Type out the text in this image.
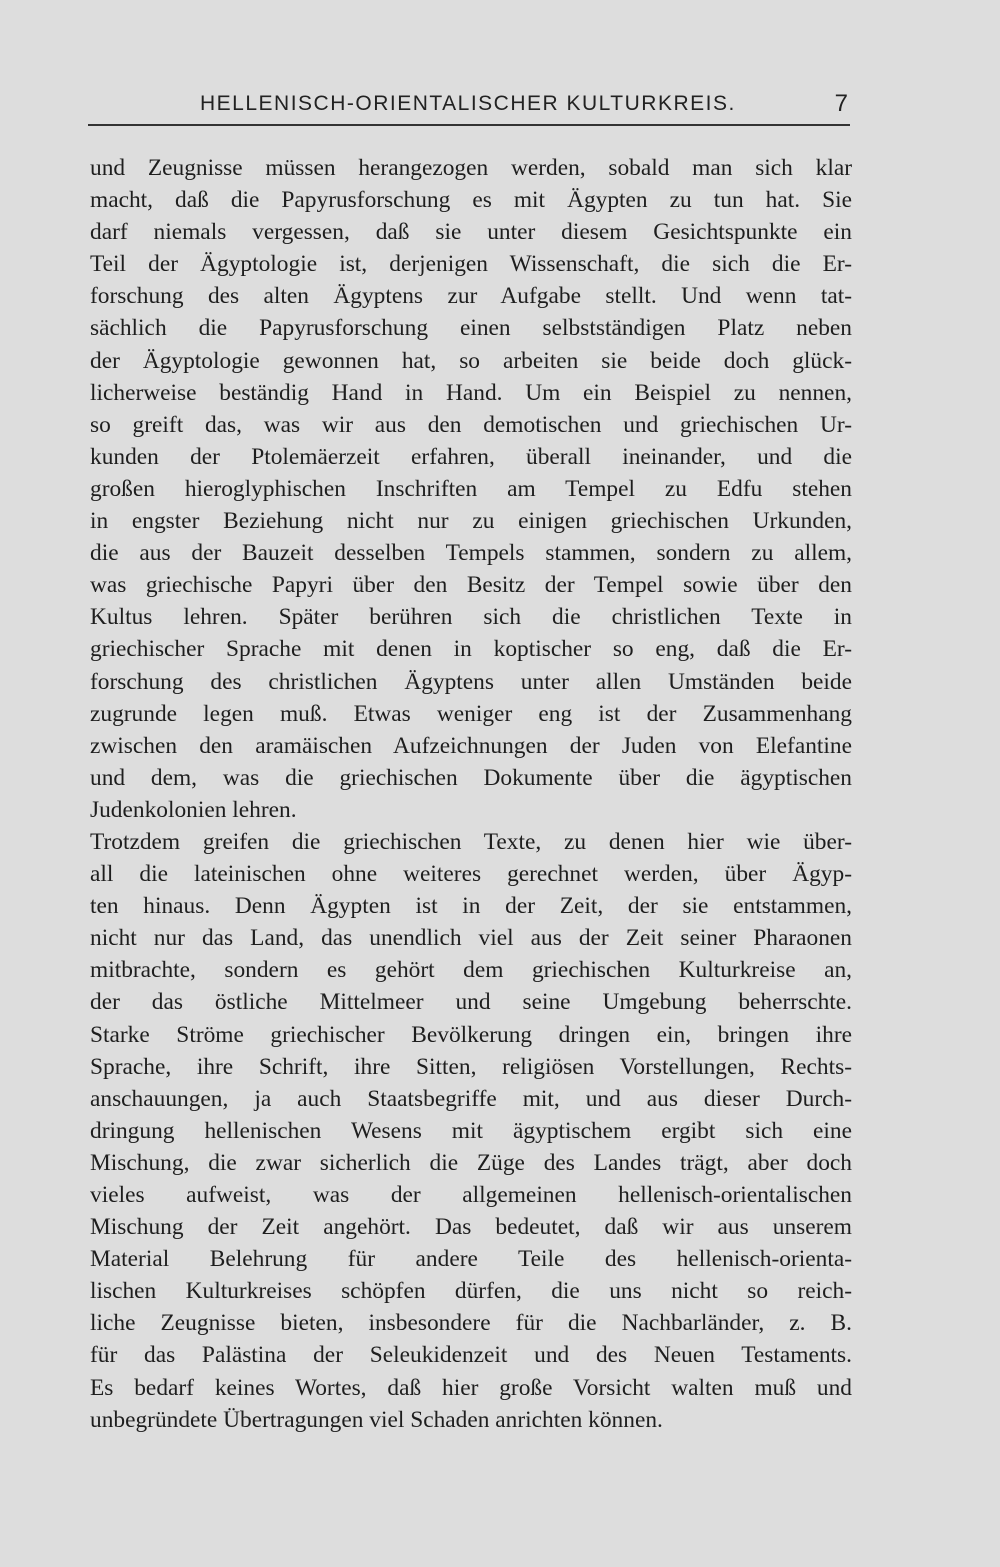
HELLENISCH-ORIENTALISCHER KULTURKREIS.	7
und Zeugnisse müssen herangezogen werden, sobald man sich klar
macht, daß die Papyrusforschung es mit Ägypten zu tun hat. Sie
darf niemals vergessen, daß sie unter diesem Gesichtspunkte ein
Teil der Ägyptologie ist, derjenigen Wissenschaft, die sich die Er-
forschung des alten Ägyptens zur Aufgabe stellt. Und wenn tat-
sächlich die Papyrusforschung einen selbstständigen Platz neben
der Ägyptologie gewonnen hat, so arbeiten sie beide doch glück-
licherweise beständig Hand in Hand. Um ein Beispiel zu nennen,
so greift das, was wir aus den demotischen und griechischen Ur-
kunden der Ptolemäerzeit erfahren, überall ineinander, und die
großen hieroglyphischen Inschriften am Tempel zu Edfu stehen
in engster Beziehung nicht nur zu einigen griechischen Urkunden,
die aus der Bauzeit desselben Tempels stammen, sondern zu allem,
was griechische Papyri über den Besitz der Tempel sowie über den
Kultus lehren. Später berühren sich die christlichen Texte in
griechischer Sprache mit denen in koptischer so eng, daß die Er-
forschung des christlichen Ägyptens unter allen Umständen beide
zugrunde legen muß. Etwas weniger eng ist der Zusammenhang
zwischen den aramäischen Aufzeichnungen der Juden von Elefantine
und dem, was die griechischen Dokumente über die ägyptischen
Judenkolonien lehren.
Trotzdem greifen die griechischen Texte, zu denen hier wie über-
all die lateinischen ohne weiteres gerechnet werden, über Ägyp-
ten hinaus. Denn Ägypten ist in der Zeit, der sie entstammen,
nicht nur das Land, das unendlich viel aus der Zeit seiner Pharaonen
mitbrachte, sondern es gehört dem griechischen Kulturkreise an,
der das östliche Mittelmeer und seine Umgebung beherrschte.
Starke Ströme griechischer Bevölkerung dringen ein, bringen ihre
Sprache, ihre Schrift, ihre Sitten, religiösen Vorstellungen, Rechts-
anschauungen, ja auch Staatsbegriffe mit, und aus dieser Durch-
dringung hellenischen Wesens mit ägyptischem ergibt sich eine
Mischung, die zwar sicherlich die Züge des Landes trägt, aber doch
vieles aufweist, was der allgemeinen hellenisch-orientalischen
Mischung der Zeit angehört. Das bedeutet, daß wir aus unserem
Material Belehrung für andere Teile des hellenisch-orienta-
lischen Kulturkreises schöpfen dürfen, die uns nicht so reich-
liche Zeugnisse bieten, insbesondere für die Nachbarländer, z. B.
für das Palästina der Seleukidenzeit und des Neuen Testaments.
Es bedarf keines Wortes, daß hier große Vorsicht walten muß und
unbegründete Übertragungen viel Schaden anrichten können.
